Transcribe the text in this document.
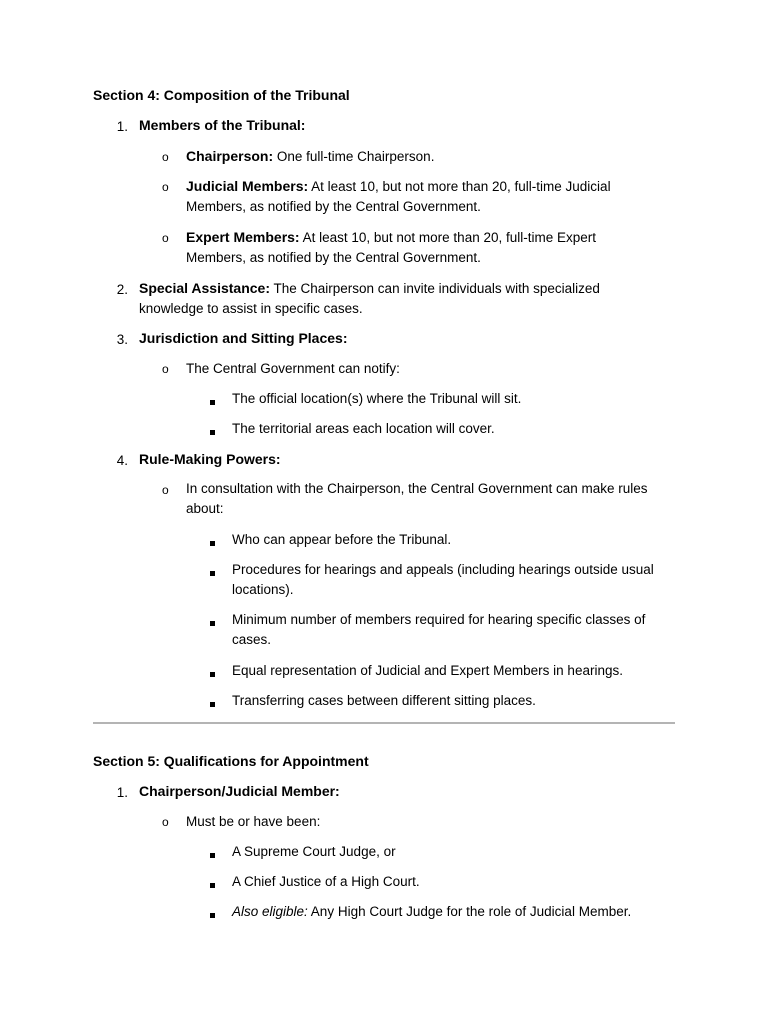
Section 4: Composition of the Tribunal
1. Members of the Tribunal:
o Chairperson: One full-time Chairperson.
o Judicial Members: At least 10, but not more than 20, full-time Judicial Members, as notified by the Central Government.
o Expert Members: At least 10, but not more than 20, full-time Expert Members, as notified by the Central Government.
2. Special Assistance: The Chairperson can invite individuals with specialized knowledge to assist in specific cases.
3. Jurisdiction and Sitting Places:
o The Central Government can notify:
The official location(s) where the Tribunal will sit.
The territorial areas each location will cover.
4. Rule-Making Powers:
o In consultation with the Chairperson, the Central Government can make rules about:
Who can appear before the Tribunal.
Procedures for hearings and appeals (including hearings outside usual locations).
Minimum number of members required for hearing specific classes of cases.
Equal representation of Judicial and Expert Members in hearings.
Transferring cases between different sitting places.
Section 5: Qualifications for Appointment
1. Chairperson/Judicial Member:
o Must be or have been:
A Supreme Court Judge, or
A Chief Justice of a High Court.
Also eligible: Any High Court Judge for the role of Judicial Member.
